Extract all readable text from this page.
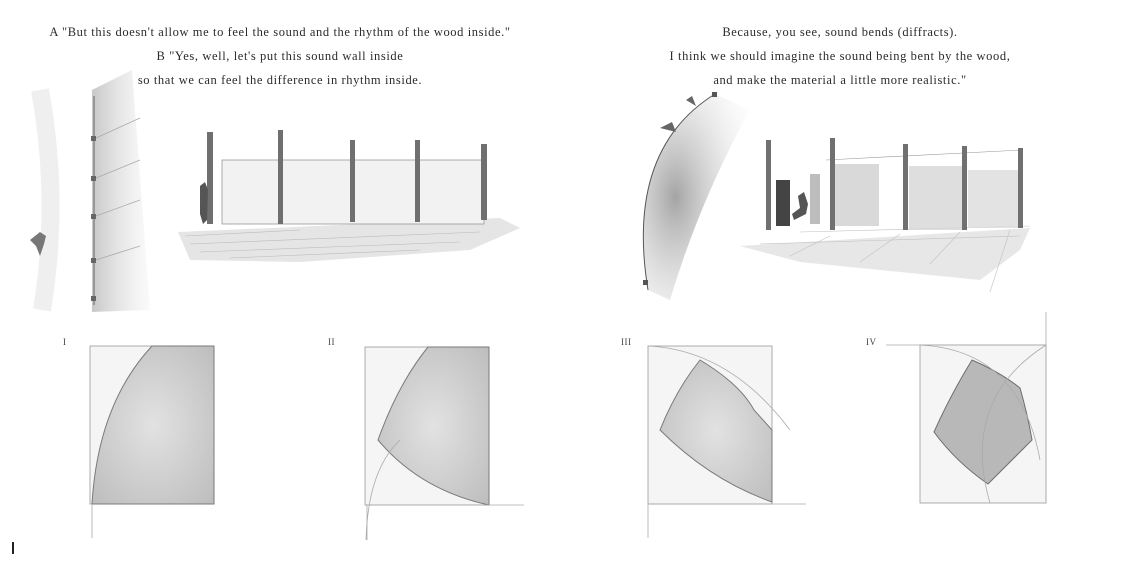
A "But this doesn't allow me to feel the sound and the rhythm of the wood inside."
B "Yes, well, let's put this sound wall inside
so that we can feel the difference in rhythm inside.
Because, you see, sound bends (diffracts).
I think we should imagine the sound being bent by the wood,
and make the material a little more realistic."
I	II	III	IV
